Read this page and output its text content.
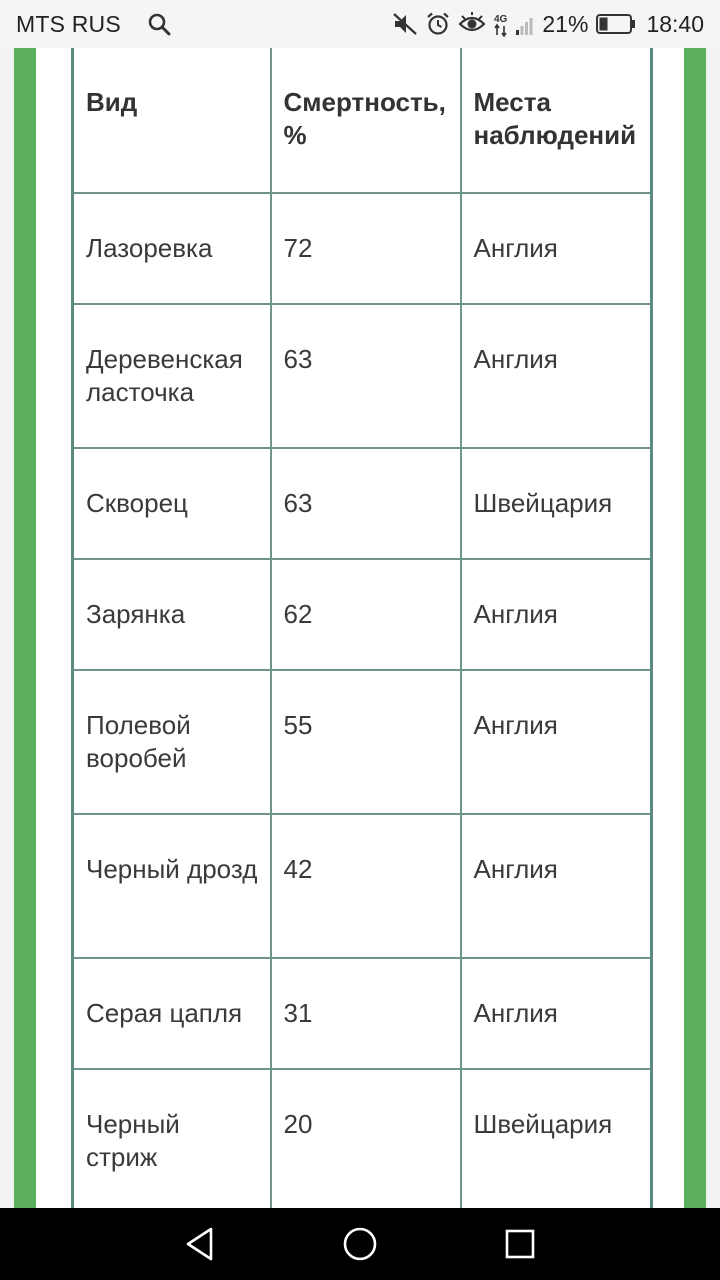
MTS RUS	4G 21%	18:40
Вид	Смертность, %	Места наблюдений
Лазоревка	72	Англия
Деревенская ласточка	63	Англия
Скворец	63	Швейцария
Зарянка	62	Англия
Полевой воробей	55	Англия
Черный дрозд	42	Англия
Серая цапля	31	Англия
Черный стриж	20	Швейцария
